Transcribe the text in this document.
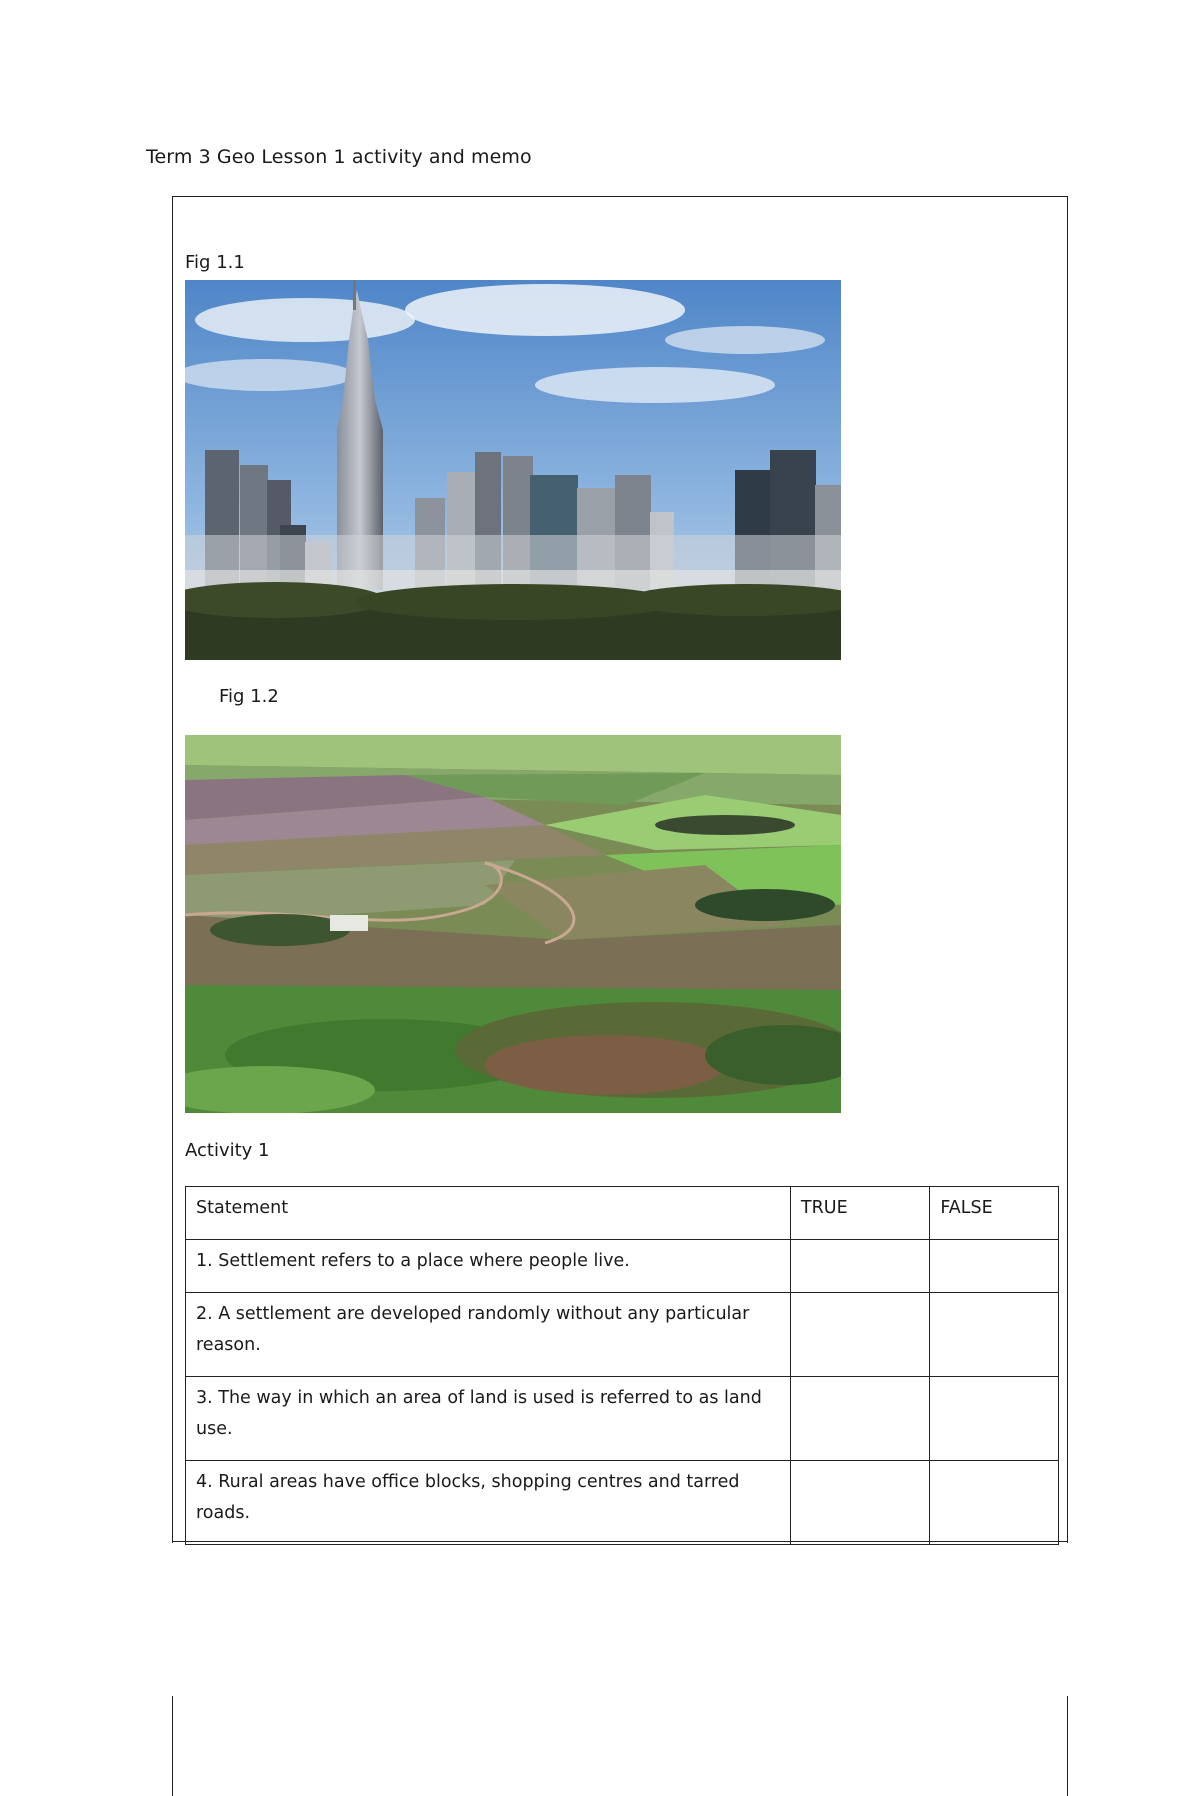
Term 3 Geo Lesson 1 activity and memo
Fig 1.1
Fig 1.2
Activity 1
Statement	TRUE	FALSE
1. Settlement refers to a place where people live.		
2. A settlement are developed randomly without any particular reason.		
3. The way in which an area of land is used is referred to as land use.		
4. Rural areas have office blocks, shopping centres and tarred roads.		
